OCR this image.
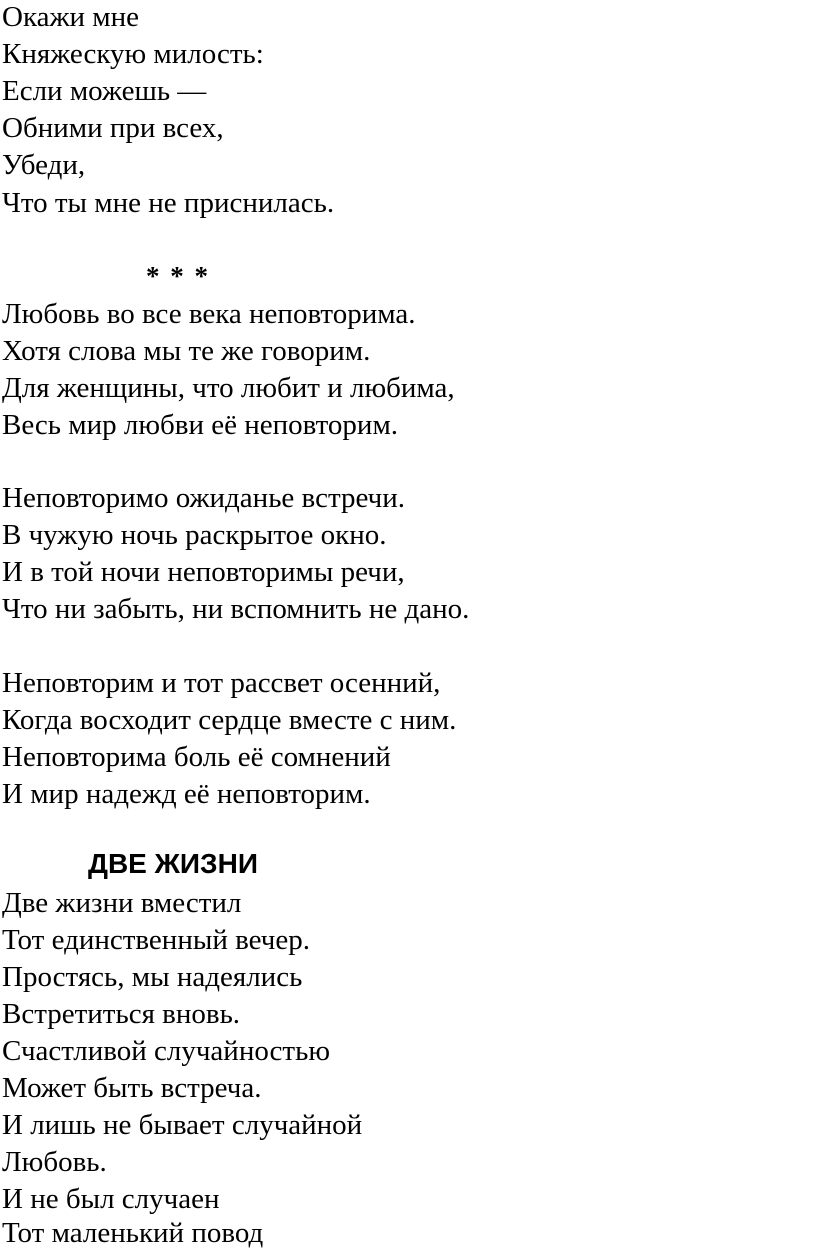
Окажи мне
Княжескую милость:
Если можешь —
Обними при всех,
Убеди,
Что ты мне не приснилась.
* * *
Любовь во все века неповторима.
Хотя слова мы те же говорим.
Для женщины, что любит и любима,
Весь мир любви её неповторим.
Неповторимо ожиданье встречи.
В чужую ночь раскрытое окно.
И в той ночи неповторимы речи,
Что ни забыть, ни вспомнить не дано.
Неповторим и тот рассвет осенний,
Когда восходит сердце вместе с ним.
Неповторима боль её сомнений
И мир надежд её неповторим.
ДВЕ ЖИЗНИ
Две жизни вместил
Тот единственный вечер.
Простясь, мы надеялись
Встретиться вновь.
Счастливой случайностью
Может быть встреча.
И лишь не бывает случайной
Любовь.
И не был случаен
Тот маленький повод
